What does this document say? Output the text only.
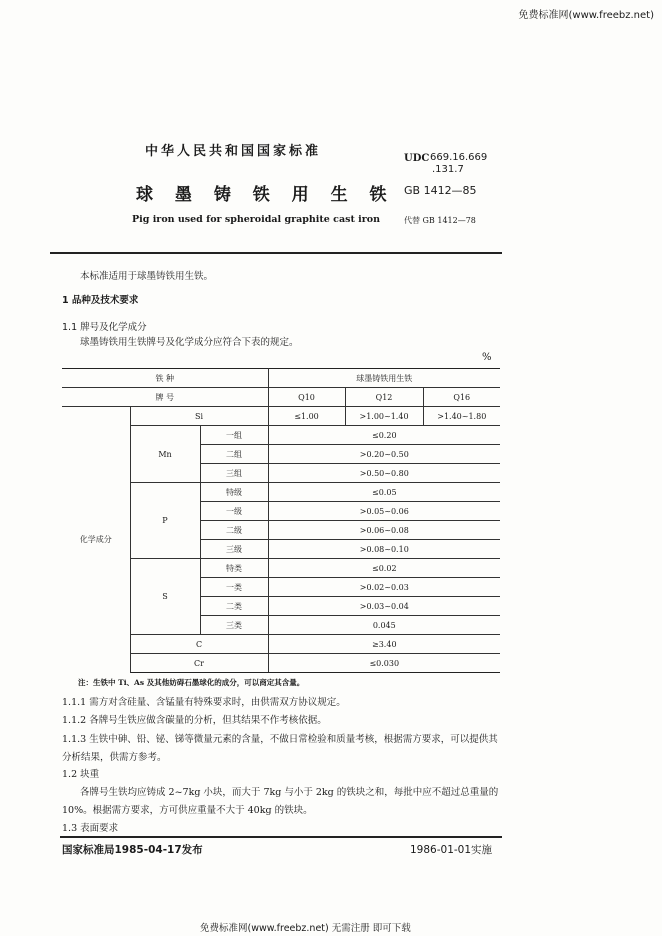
免费标准网(www.freebz.net)
中华人民共和国国家标准
球 墨 铸 铁 用 生 铁
Pig iron used for spheroidal graphite cast iron
UDC 669.16.669
.131.7
GB 1412—85
代替 GB 1412—78
本标准适用于球墨铸铁用生铁。
1 品种及技术要求
1.1 牌号及化学成分
球墨铸铁用生铁牌号及化学成分应符合下表的规定。
%
铁 种			球墨铸铁用生铁		
牌 号			Q10	Q12	Q16
化学成分	Si		≤1.00	>1.00~1.40	>1.40~1.80
	Mn	一组	≤0.20		
		二组	>0.20~0.50		
		三组	>0.50~0.80		
	P	特级	≤0.05		
		一级	>0.05~0.06		
		二级	>0.06~0.08		
		三级	>0.08~0.10		
	S	特类	≤0.02		
		一类	>0.02~0.03		
		二类	>0.03~0.04		
		三类	0.045		
	C		≥3.40		
	Cr		≤0.030		
注：生铁中 Ti、As 及其他妨碍石墨球化的成分，可以商定其含量。
1.1.1 需方对含硅量、含锰量有特殊要求时，由供需双方协议规定。
1.1.2 各牌号生铁应做含碳量的分析，但其结果不作考核依据。
1.1.3 生铁中砷、铅、铋、锑等微量元素的含量，不做日常检验和质量考核，根据需方要求，可以提供其
分析结果，供需方参考。
1.2 块重
各牌号生铁均应铸成 2~7kg 小块，而大于 7kg 与小于 2kg 的铁块之和，每批中应不超过总重量的
10%。根据需方要求，方可供应重量不大于 40kg 的铁块。
1.3 表面要求
国家标准局1985-04-17发布	1986-01-01实施
免费标准网(www.freebz.net) 无需注册 即可下载
